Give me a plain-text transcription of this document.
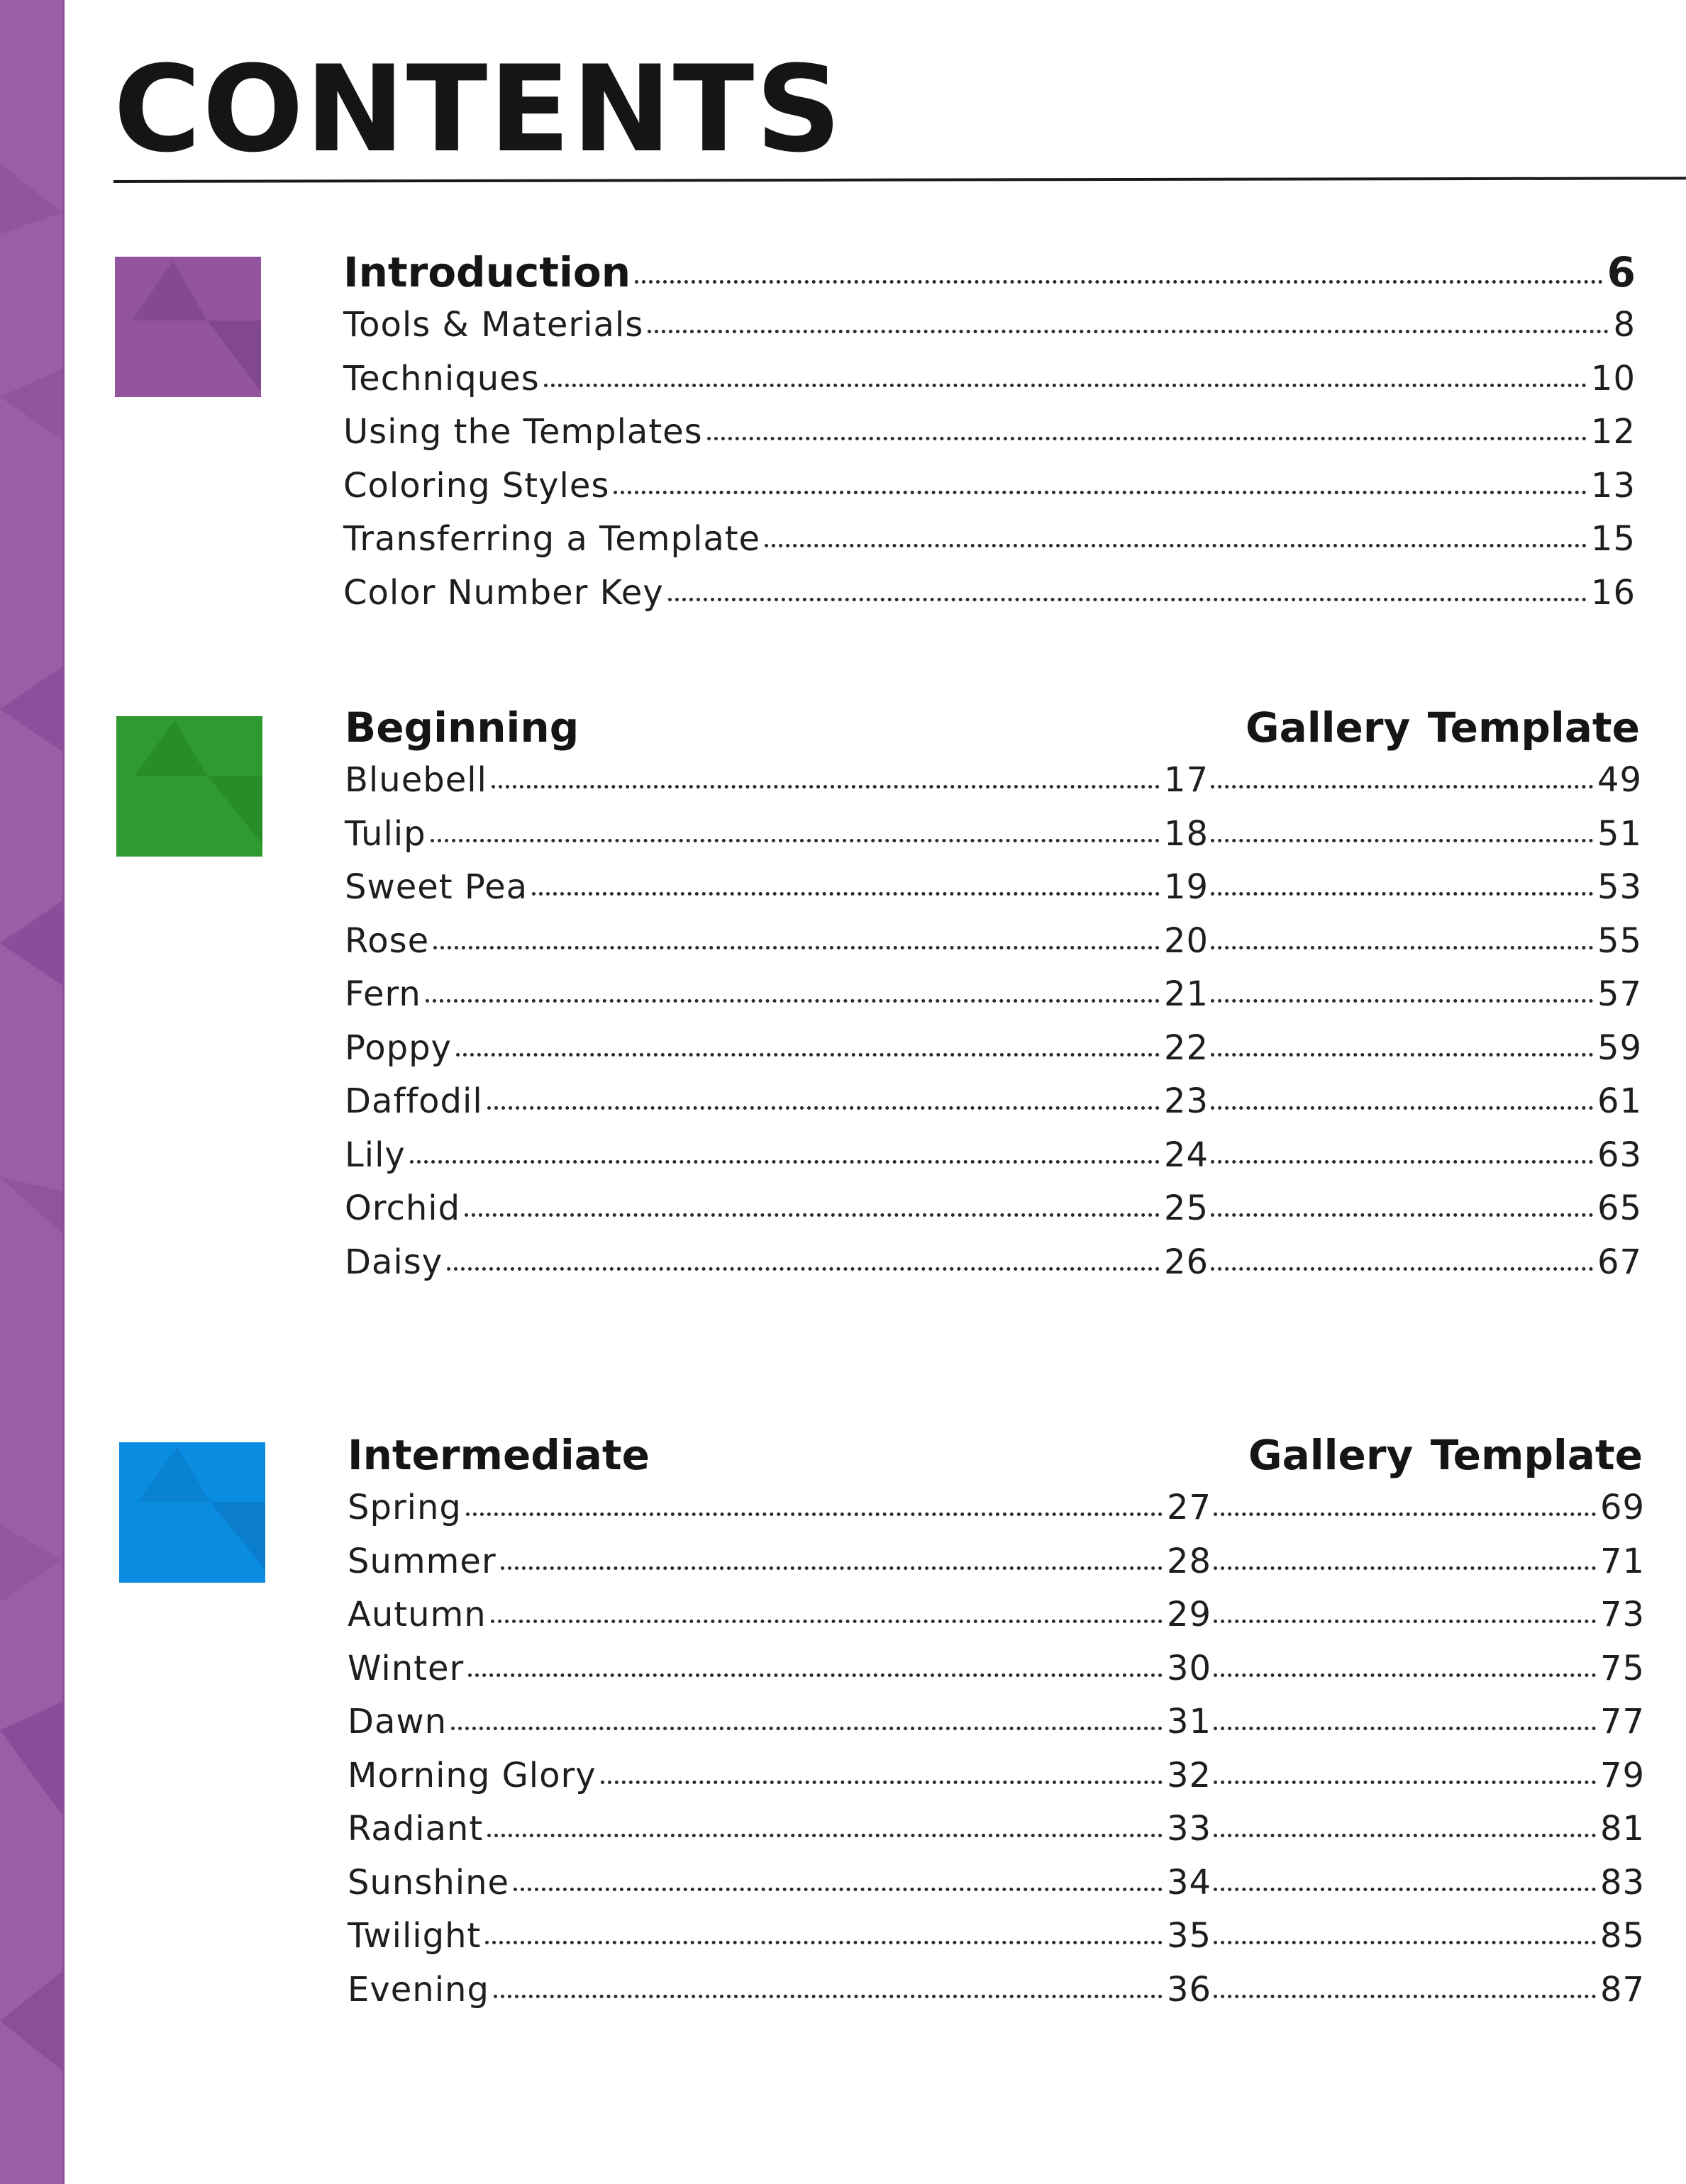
CONTENTS
Introduction	6
Tools & Materials	8
Techniques	10
Using the Templates	12
Coloring Styles	13
Transferring a Template	15
Color Number Key	16
Beginning	Gallery Template
Bluebell	17	49
Tulip	18	51
Sweet Pea	19	53
Rose	20	55
Fern	21	57
Poppy	22	59
Daffodil	23	61
Lily	24	63
Orchid	25	65
Daisy	26	67
Intermediate	Gallery Template
Spring	27	69
Summer	28	71
Autumn	29	73
Winter	30	75
Dawn	31	77
Morning Glory	32	79
Radiant	33	81
Sunshine	34	83
Twilight	35	85
Evening	36	87
